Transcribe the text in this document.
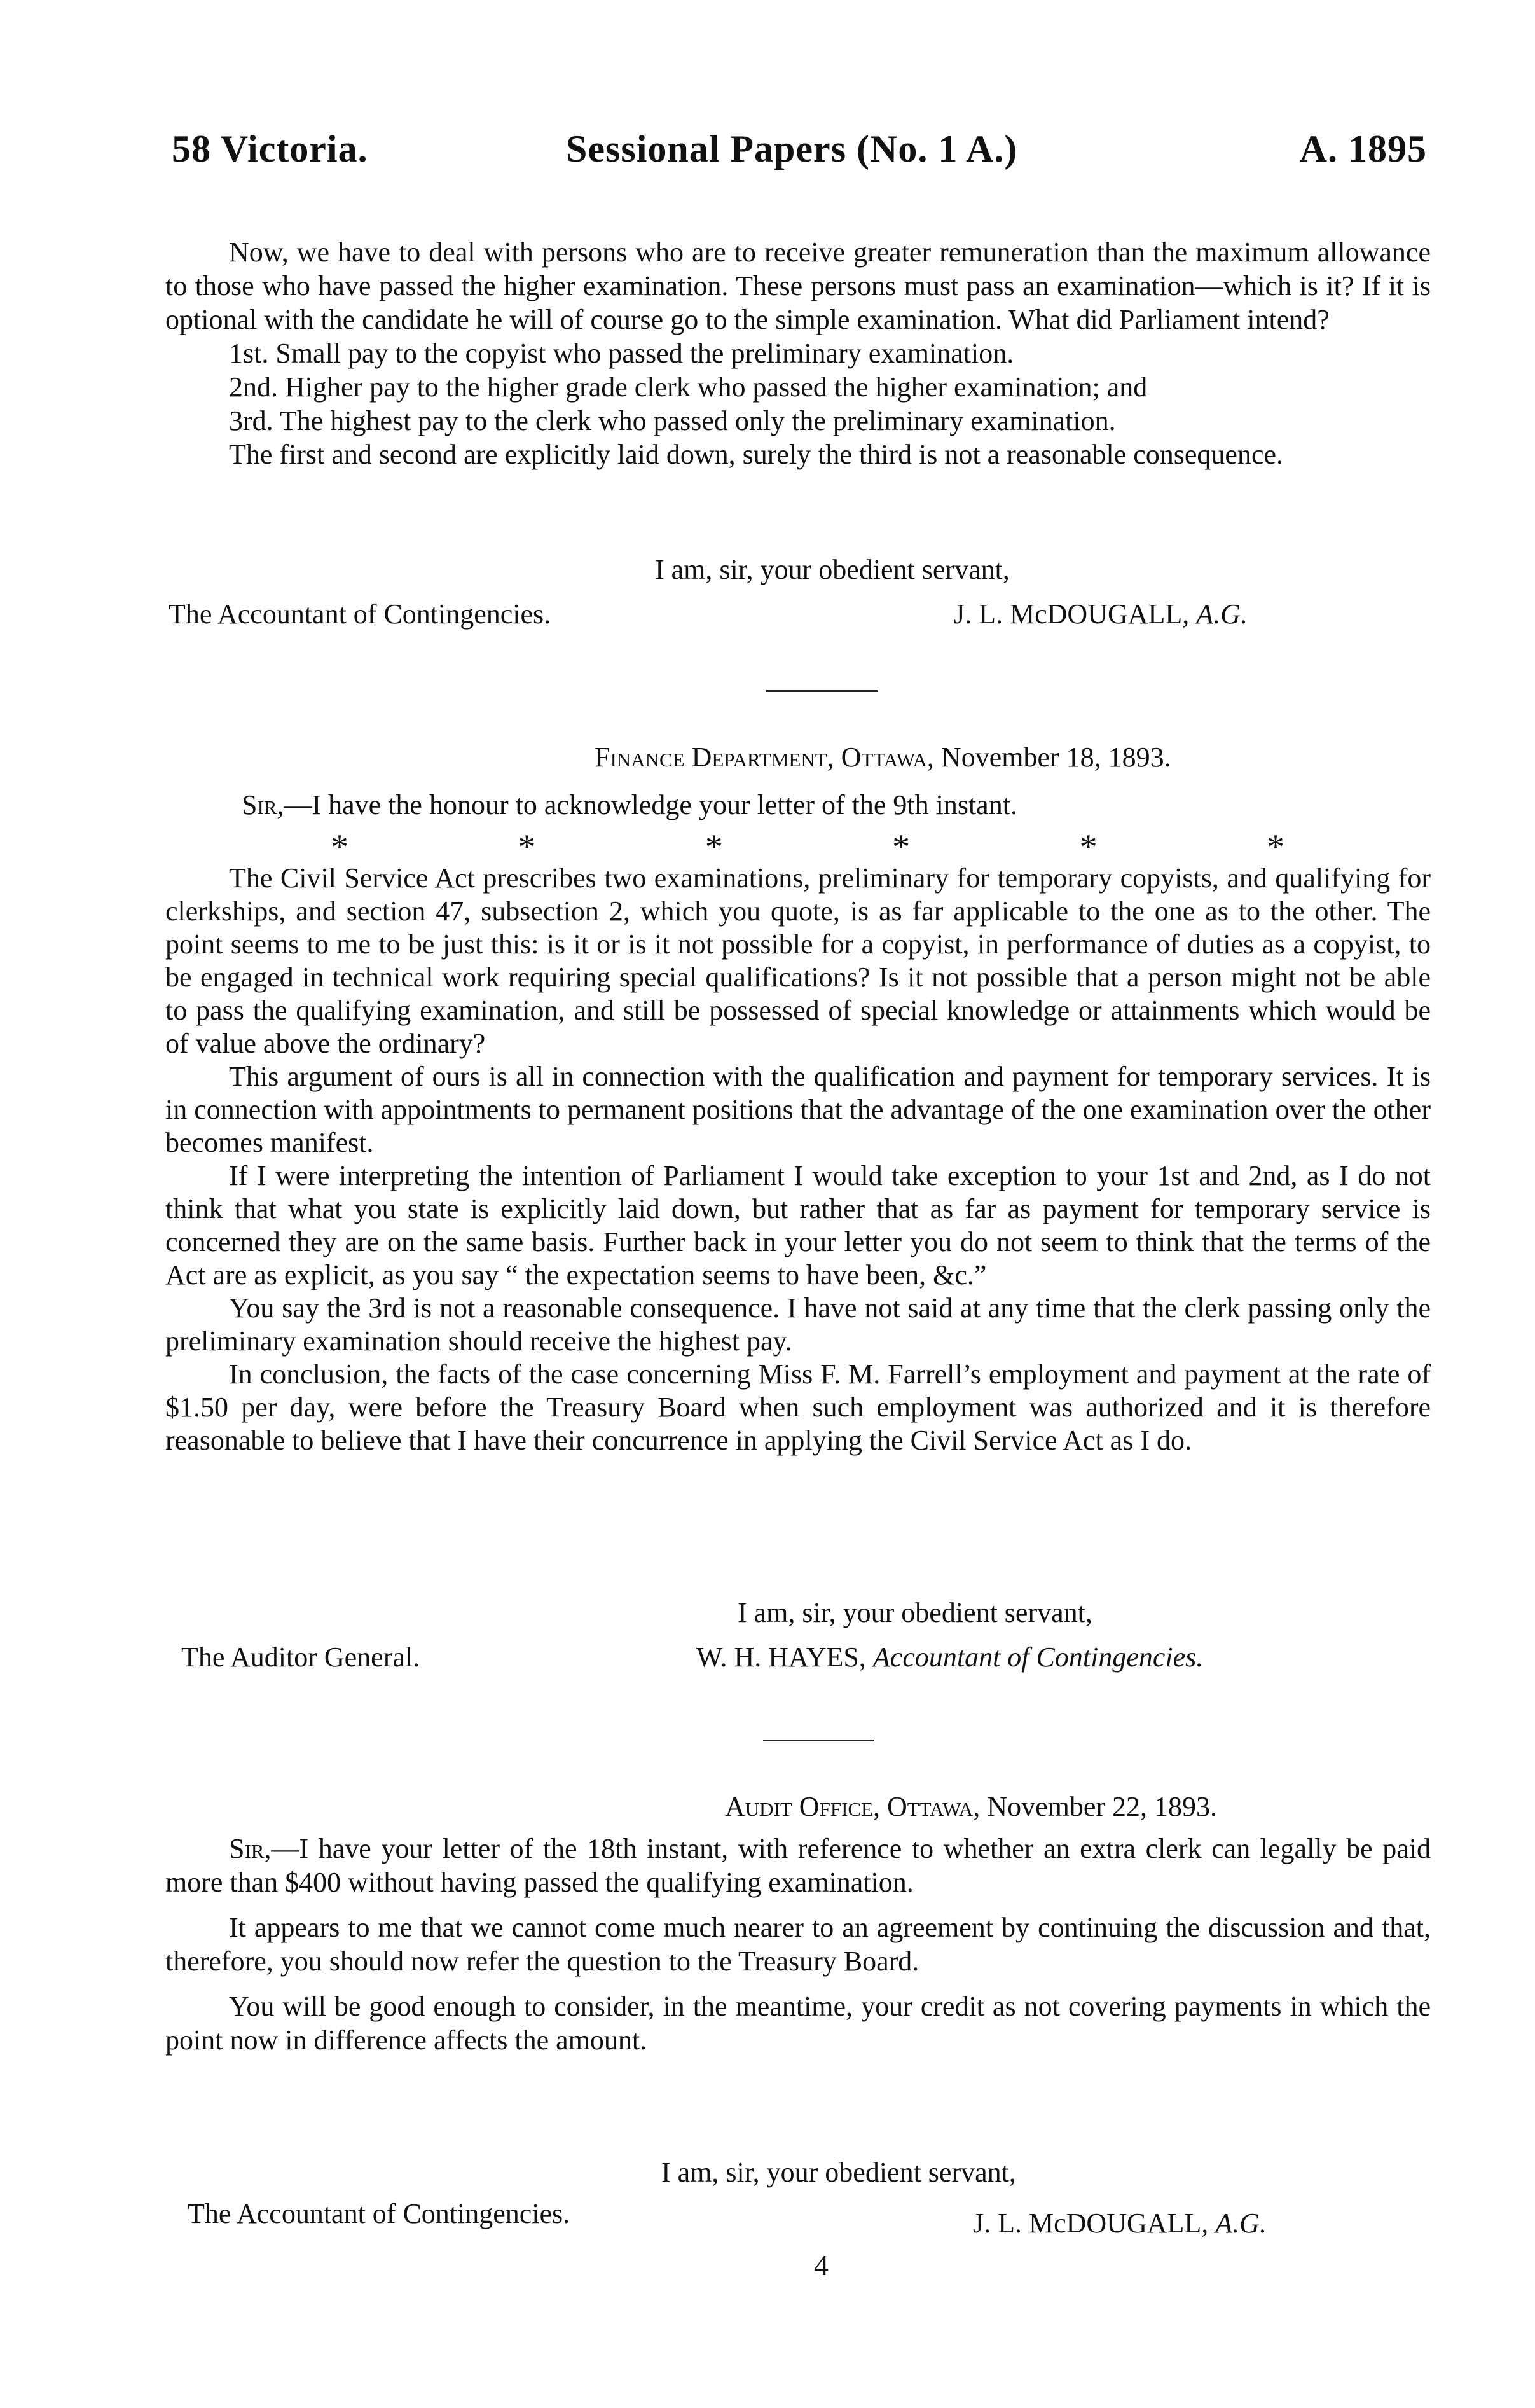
58 Victoria.	Sessional Papers (No. 1 A.)	A. 1895

Now, we have to deal with persons who are to receive greater remuneration than the maximum allowance to those who have passed the higher examination. These persons must pass an examination—which is it? If it is optional with the candidate he will of course go to the simple examination. What did Parliament intend?

1st. Small pay to the copyist who passed the preliminary examination.

2nd. Higher pay to the higher grade clerk who passed the higher examination; and

3rd. The highest pay to the clerk who passed only the preliminary examination.

The first and second are explicitly laid down, surely the third is not a reasonable consequence.

I am, sir, your obedient servant,
The Accountant of Contingencies.	J. L. McDOUGALL, A.G.
Finance Department, Ottawa, November 18, 1893.
Sir,—I have the honour to acknowledge your letter of the 9th instant.
*	*	*	*	*	*

The Civil Service Act prescribes two examinations, preliminary for temporary copyists, and qualifying for clerkships, and section 47, subsection 2, which you quote, is as far applicable to the one as to the other. The point seems to me to be just this: is it or is it not possible for a copyist, in performance of duties as a copyist, to be engaged in technical work requiring special qualifications? Is it not possible that a person might not be able to pass the qualifying examination, and still be possessed of special knowledge or attainments which would be of value above the ordinary?

This argument of ours is all in connection with the qualification and payment for temporary services. It is in connection with appointments to permanent positions that the advantage of the one examination over the other becomes manifest.

If I were interpreting the intention of Parliament I would take exception to your 1st and 2nd, as I do not think that what you state is explicitly laid down, but rather that as far as payment for temporary service is concerned they are on the same basis. Further back in your letter you do not seem to think that the terms of the Act are as explicit, as you say “ the expectation seems to have been, &c.”

You say the 3rd is not a reasonable consequence. I have not said at any time that the clerk passing only the preliminary examination should receive the highest pay.

In conclusion, the facts of the case concerning Miss F. M. Farrell’s employment and payment at the rate of $1.50 per day, were before the Treasury Board when such employment was authorized and it is therefore reasonable to believe that I have their concurrence in applying the Civil Service Act as I do.

I am, sir, your obedient servant,
The Auditor General.	W. H. HAYES, Accountant of Contingencies.
Audit Office, Ottawa, November 22, 1893.

Sir,—I have your letter of the 18th instant, with reference to whether an extra clerk can legally be paid more than $400 without having passed the qualifying examination.

It appears to me that we cannot come much nearer to an agreement by continuing the discussion and that, therefore, you should now refer the question to the Treasury Board.

You will be good enough to consider, in the meantime, your credit as not covering payments in which the point now in difference affects the amount.

I am, sir, your obedient servant,
The Accountant of Contingencies.	J. L. McDOUGALL, A.G.
4
